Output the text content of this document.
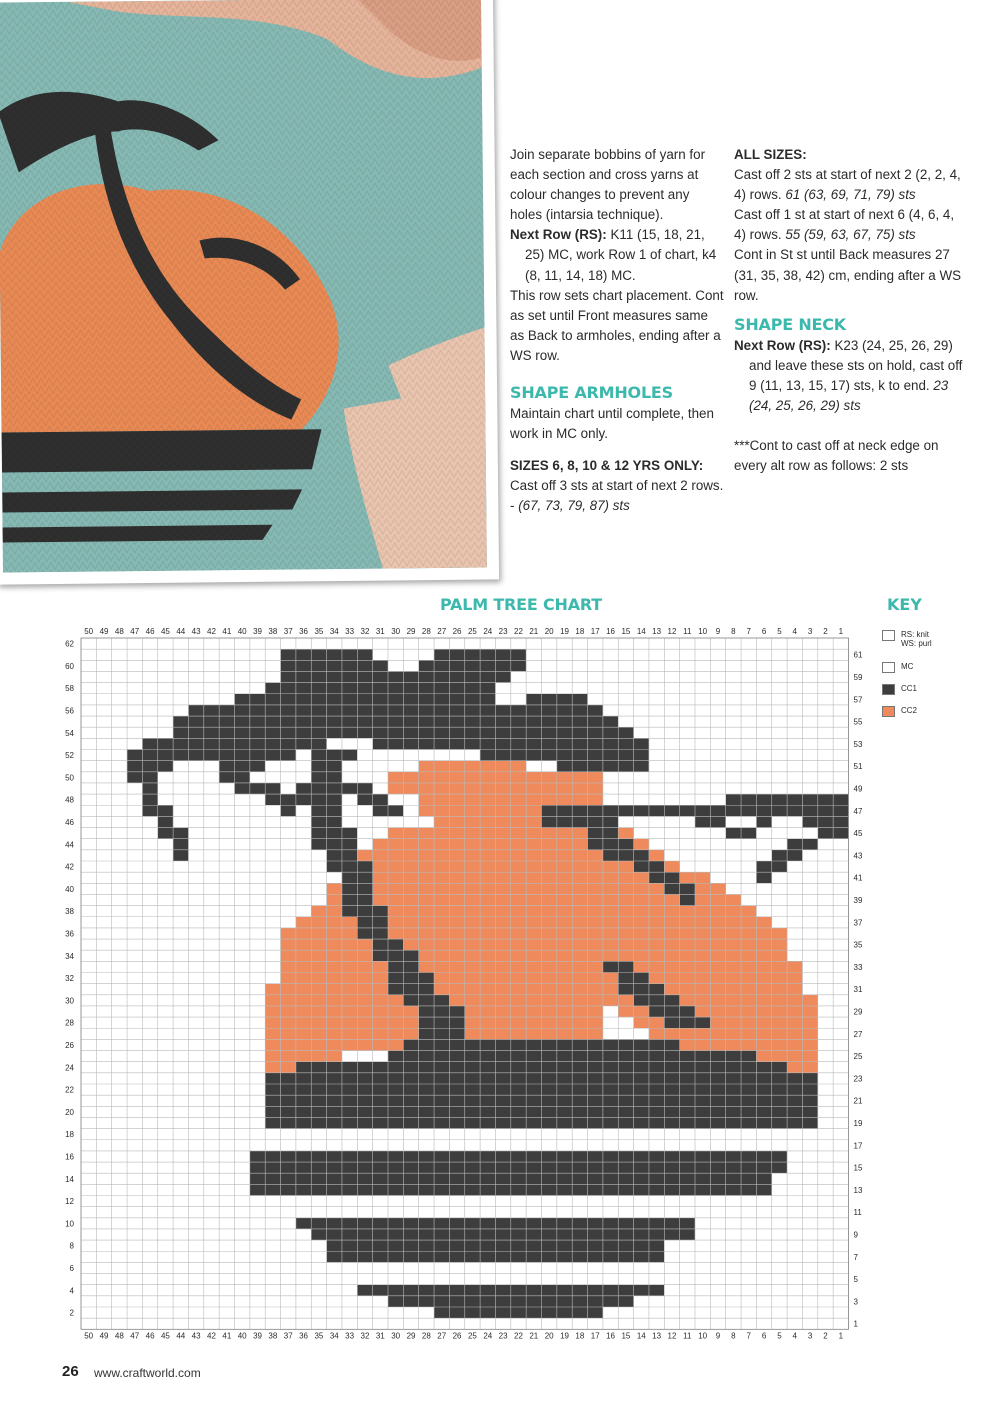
Join separate bobbins of yarn for each section and cross yarns at colour changes to prevent any holes (intarsia technique).

Next Row (RS): K11 (15, 18, 21, 25) MC, work Row 1 of chart, k4 (8, 11, 14, 18) MC.

This row sets chart placement. Cont as set until Front measures same as Back to armholes, ending after a WS row.

SHAPE ARMHOLES

Maintain chart until complete, then work in MC only.

SIZES 6, 8, 10 & 12 YRS ONLY:

Cast off 3 sts at start of next 2 rows. - (67, 73, 79, 87) sts

ALL SIZES:

Cast off 2 sts at start of next 2 (2, 2, 4, 4) rows. 61 (63, 69, 71, 79) sts

Cast off 1 st at start of next 6 (4, 6, 4, 4) rows. 55 (59, 63, 67, 75) sts

Cont in St st until Back measures 27 (31, 35, 38, 42) cm, ending after a WS row.

SHAPE NECK

Next Row (RS): K23 (24, 25, 26, 29) and leave these sts on hold, cast off 9 (11, 13, 15, 17) sts, k to end. 23 (24, 25, 26, 29) sts

***Cont to cast off at neck edge on every alt row as follows: 2 sts

PALM TREE CHART	KEY
RS: knit
WS: purl
MC
CC1
CC2
1
1
2
2
3
3
4
4
5
5
6
6
7
7
8
8
9
9
10
10
11
11
12
12
13
13
14
14
15
15
16
16
17
17
18
18
19
19
20
20
21
21
22
22
23
23
24
24
25
25
26
26
27
27
28
28
29
29
30
30
31
31
32
32
33
33
34
34
35
35
36
36
37
37
38
38
39
39
40
40
41
41
42
42
43
43
44
44
45
45
46
46
47
47
48
48
49
49
50
50
1
2
3
4
5
6
7
8
9
10
11
12
13
14
15
16
17
18
19
20
21
22
23
24
25
26
27
28
29
30
31
32
33
34
35
36
37
38
39
40
41
42
43
44
45
46
47
48
49
50
51
52
53
54
55
56
57
58
59
60
61
62
26 www.craftworld.com
